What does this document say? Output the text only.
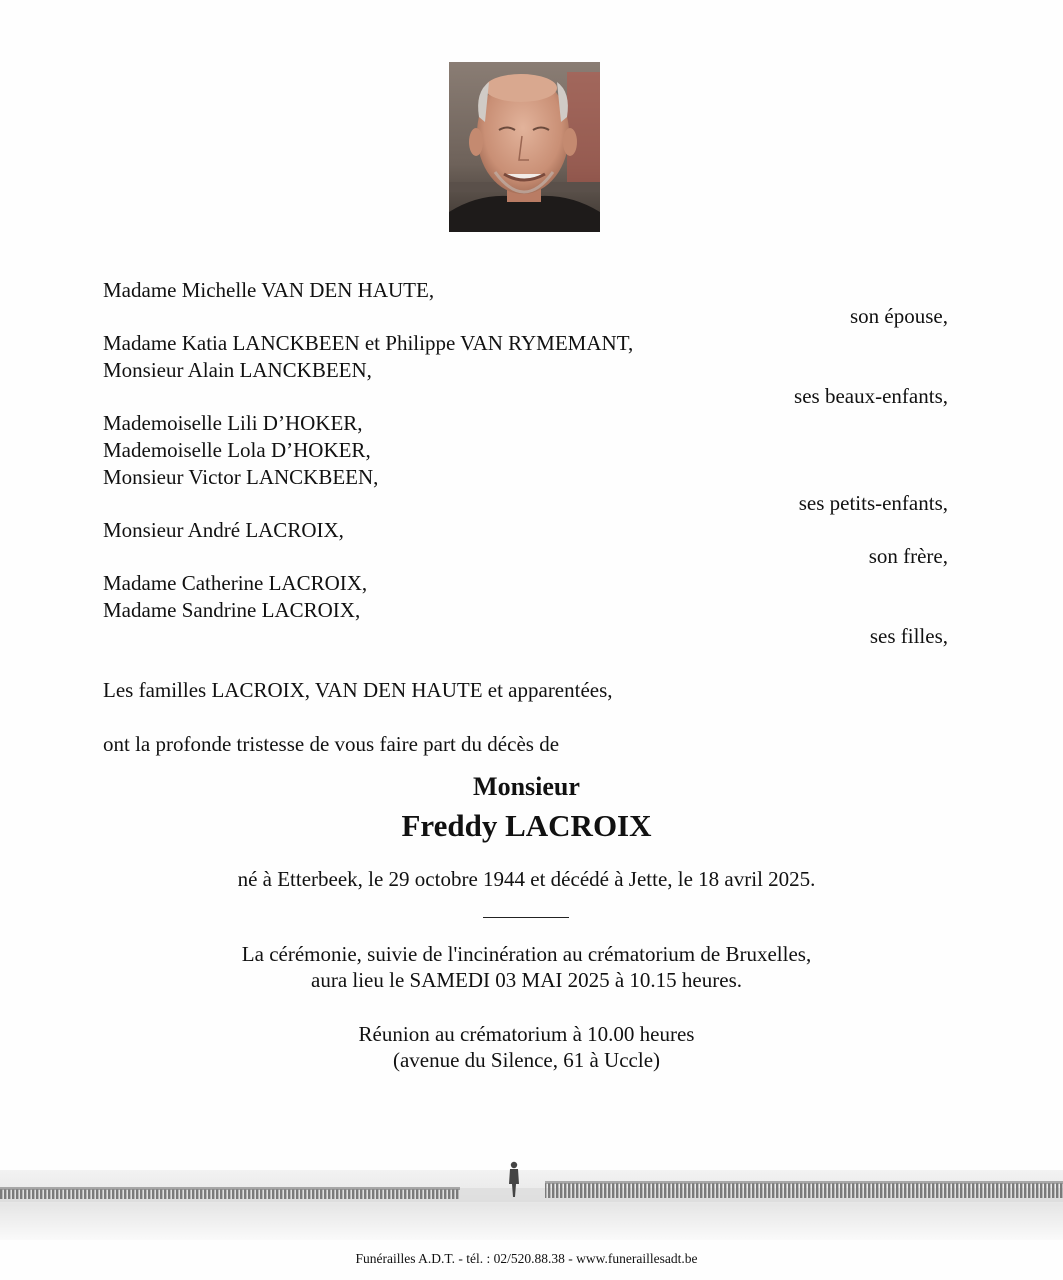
Madame Michelle VAN DEN HAUTE,
son épouse,
Madame Katia LANCKBEEN et Philippe VAN RYMEMANT,
Monsieur Alain LANCKBEEN,
ses beaux-enfants,
Mademoiselle Lili D’HOKER,
Mademoiselle Lola D’HOKER,
Monsieur Victor LANCKBEEN,
ses petits-enfants,
Monsieur André LACROIX,
son frère,
Madame Catherine LACROIX,
Madame Sandrine LACROIX,
ses filles,
Les familles LACROIX, VAN DEN HAUTE et apparentées,
ont la profonde tristesse de vous faire part du décès de
Monsieur
Freddy LACROIX
né à Etterbeek, le 29 octobre 1944 et décédé à Jette, le 18 avril 2025.
La cérémonie, suivie de l'incinération au crématorium de Bruxelles,
aura lieu le SAMEDI 03 MAI 2025 à 10.15 heures.
Réunion au crématorium à 10.00 heures
(avenue du Silence, 61 à Uccle)
Funérailles A.D.T. - tél. : 02/520.88.38 - www.funeraillesadt.be
